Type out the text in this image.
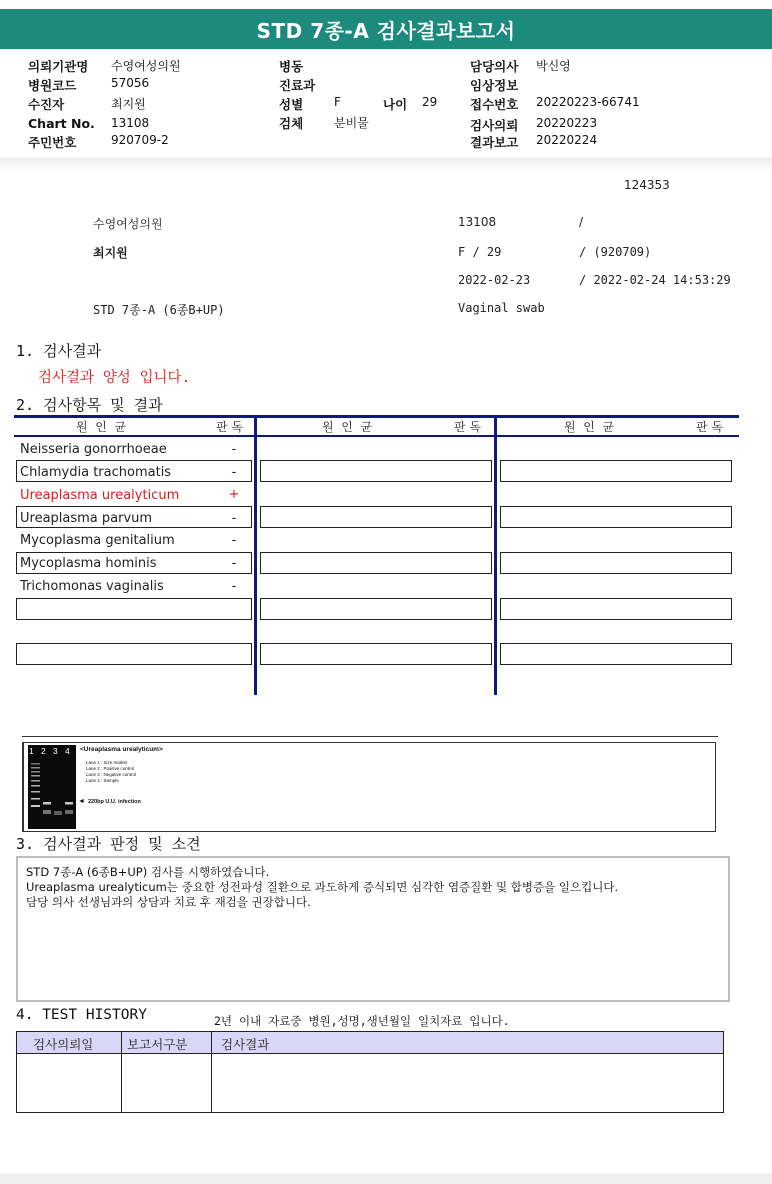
STD 7종-A 검사결과보고서
의뢰기관명 수영여성의원
병원코드	57056
수진자	최지원
Chart No. 13108
주민번호	920709-2
병동
진료과
성별	F	나이 29
검체	분비물
담당의사 박신영
임상정보
접수번호 20220223-66741
검사의뢰 20220223
결과보고 20220224
124353
수영여성의원	13108	/
최지원	F / 29	/ (920709)
2022-02-23	/ 2022-02-24 14:53:29
STD 7종-A (6종B+UP)	Vaginal swab
1. 검사결과
검사결과 양성 입니다.
2. 검사항목 및 결과
원  인  균	판 독	원  인  균	판 독	원  인  균	판 독
Neisseria gonorrhoeae	-
Chlamydia trachomatis	-
Ureaplasma urealyticum	+
Ureaplasma parvum	-
Mycoplasma genitalium	-
Mycoplasma hominis	-
Trichomonas vaginalis	-
1 2 3 4 <Ureaplasma urealyticum>
Lane 1 : Size marker
Lane 2 : Positive control
Lane 3 : Negative control
Lane 4 : Sample
◄ 220bp U.U. infection
3. 검사결과 판정 및 소견
STD 7종-A (6종B+UP) 검사를 시행하였습니다.
Ureaplasma urealyticum는 중요한 성전파성 질환으로 과도하게 증식되면 심각한 염증질환 및 합병증을 일으킵니다.
담당 의사 선생님과의 상담과 치료 후 재검을 권장합니다.
4. TEST HISTORY	2년 이내 자료중 병원,성명,생년월일 일치자료 입니다.
검사의뢰일	보고서구분	검사결과
